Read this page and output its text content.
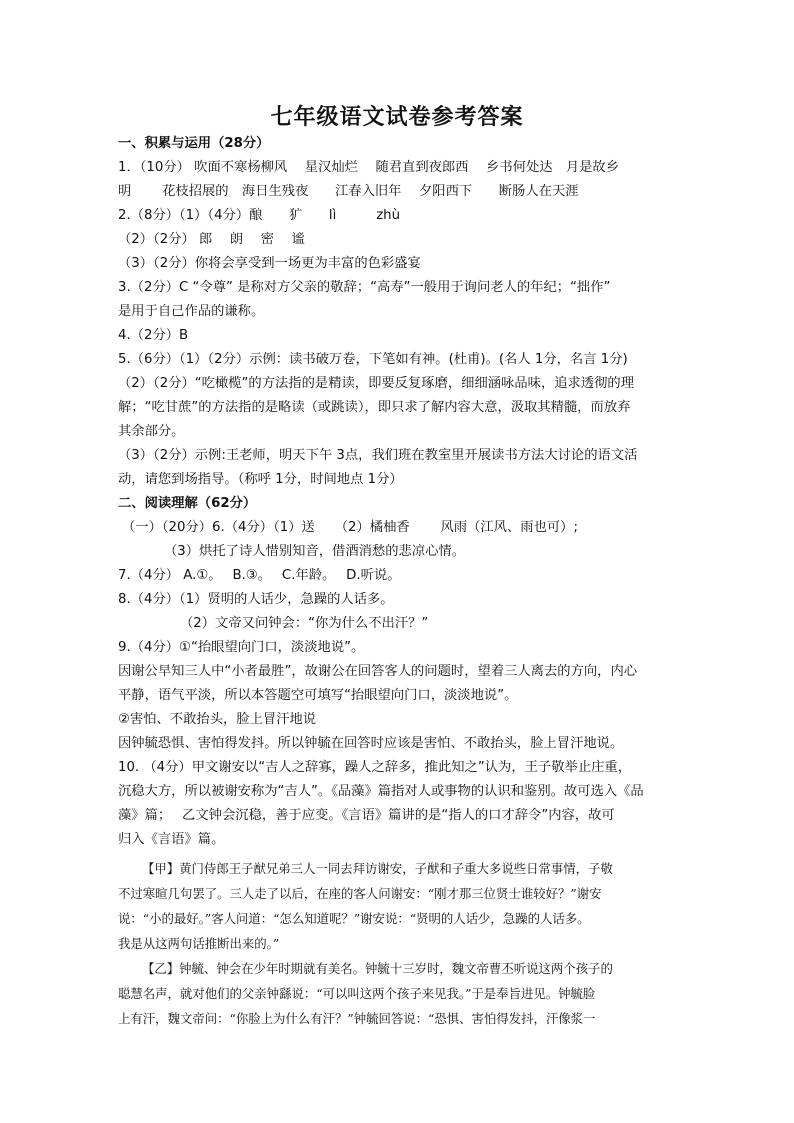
七年级语文试卷参考答案
一、积累与运用（28分）
1．（10分） 吹面不寒杨柳风　 星汉灿烂　 随君直到夜郎西　 乡书何处达　月是故乡
明　　 花枝招展的　海日生残夜　　江春入旧年　 夕阳西下　　断肠人在天涯
2.（8分）（1）（4分）酿　　犷　　lì　　　zhù
（2）（2分） 郎　 朗　 密　 谧
（3）（2分）你将会享受到一场更为丰富的色彩盛宴
3.（2分）C “令尊” 是称对方父亲的敬辞；“高寿”一般用于询问老人的年纪；“拙作”
是用于自己作品的谦称。
4.（2分）B
5.（6分）（1）（2分）示例：读书破万卷，下笔如有神。(杜甫)。(名人 1分，名言 1分)
（2）（2分）“吃橄榄”的方法指的是精读，即要反复琢磨，细细涵咏品味，追求透彻的理
解；“吃甘蔗”的方法指的是略读（或跳读），即只求了解内容大意，汲取其精髓，而放弃
其余部分。
（3）（2分）示例:王老师，明天下午 3点，我们班在教室里开展读书方法大讨论的语文活
动，请您到场指导。（称呼 1分，时间地点 1分）
二、阅读理解（62分）
（一）（20分）6.（4分）（1）送　　（2）橘柚香　　 风雨（江风、雨也可）;
（3）烘托了诗人惜别知音，借酒消愁的悲凉心情。
7.（4分） A.①。　 B.③。　 C.年龄。　 D.听说。
8.（4分）（1）贤明的人话少，急躁的人话多。
（2）文帝又问钟会：“你为什么不出汗？”
9.（4分）①“抬眼望向门口，淡淡地说”。
因谢公早知三人中“小者最胜”，故谢公在回答客人的问题时，望着三人离去的方向，内心
平静，语气平淡，所以本答题空可填写“抬眼望向门口，淡淡地说”。
②害怕、不敢抬头，脸上冒汗地说
因钟毓恐惧、害怕得发抖。所以钟毓在回答时应该是害怕、不敢抬头，脸上冒汗地说。
10. （4分）甲文谢安以“吉人之辞寡，躁人之辞多，推此知之”认为，王子敬举止庄重，
沉稳大方，所以被谢安称为“吉人”。《品藻》篇指对人或事物的认识和鉴别。故可选入《品
藻》篇；　 乙文钟会沉稳，善于应变。《言语》篇讲的是“指人的口才辞令”内容，故可
归入《言语》篇。
【甲】黄门侍郎王子猷兄弟三人一同去拜访谢安，子猷和子重大多说些日常事情，子敬
不过寒暄几句罢了。三人走了以后，在座的客人问谢安：“刚才那三位贤士谁较好？”谢安
说：“小的最好。”客人问道：“怎么知道呢？”谢安说：“贤明的人话少，急躁的人话多。
我是从这两句话推断出来的。”
【乙】钟毓、钟会在少年时期就有美名。钟毓十三岁时，魏文帝曹丕听说这两个孩子的
聪慧名声，就对他们的父亲钟繇说：“可以叫这两个孩子来见我。”于是奉旨进见。钟毓脸
上有汗，魏文帝问：“你脸上为什么有汗？”钟毓回答说：“恐惧、害怕得发抖，汗像浆一
